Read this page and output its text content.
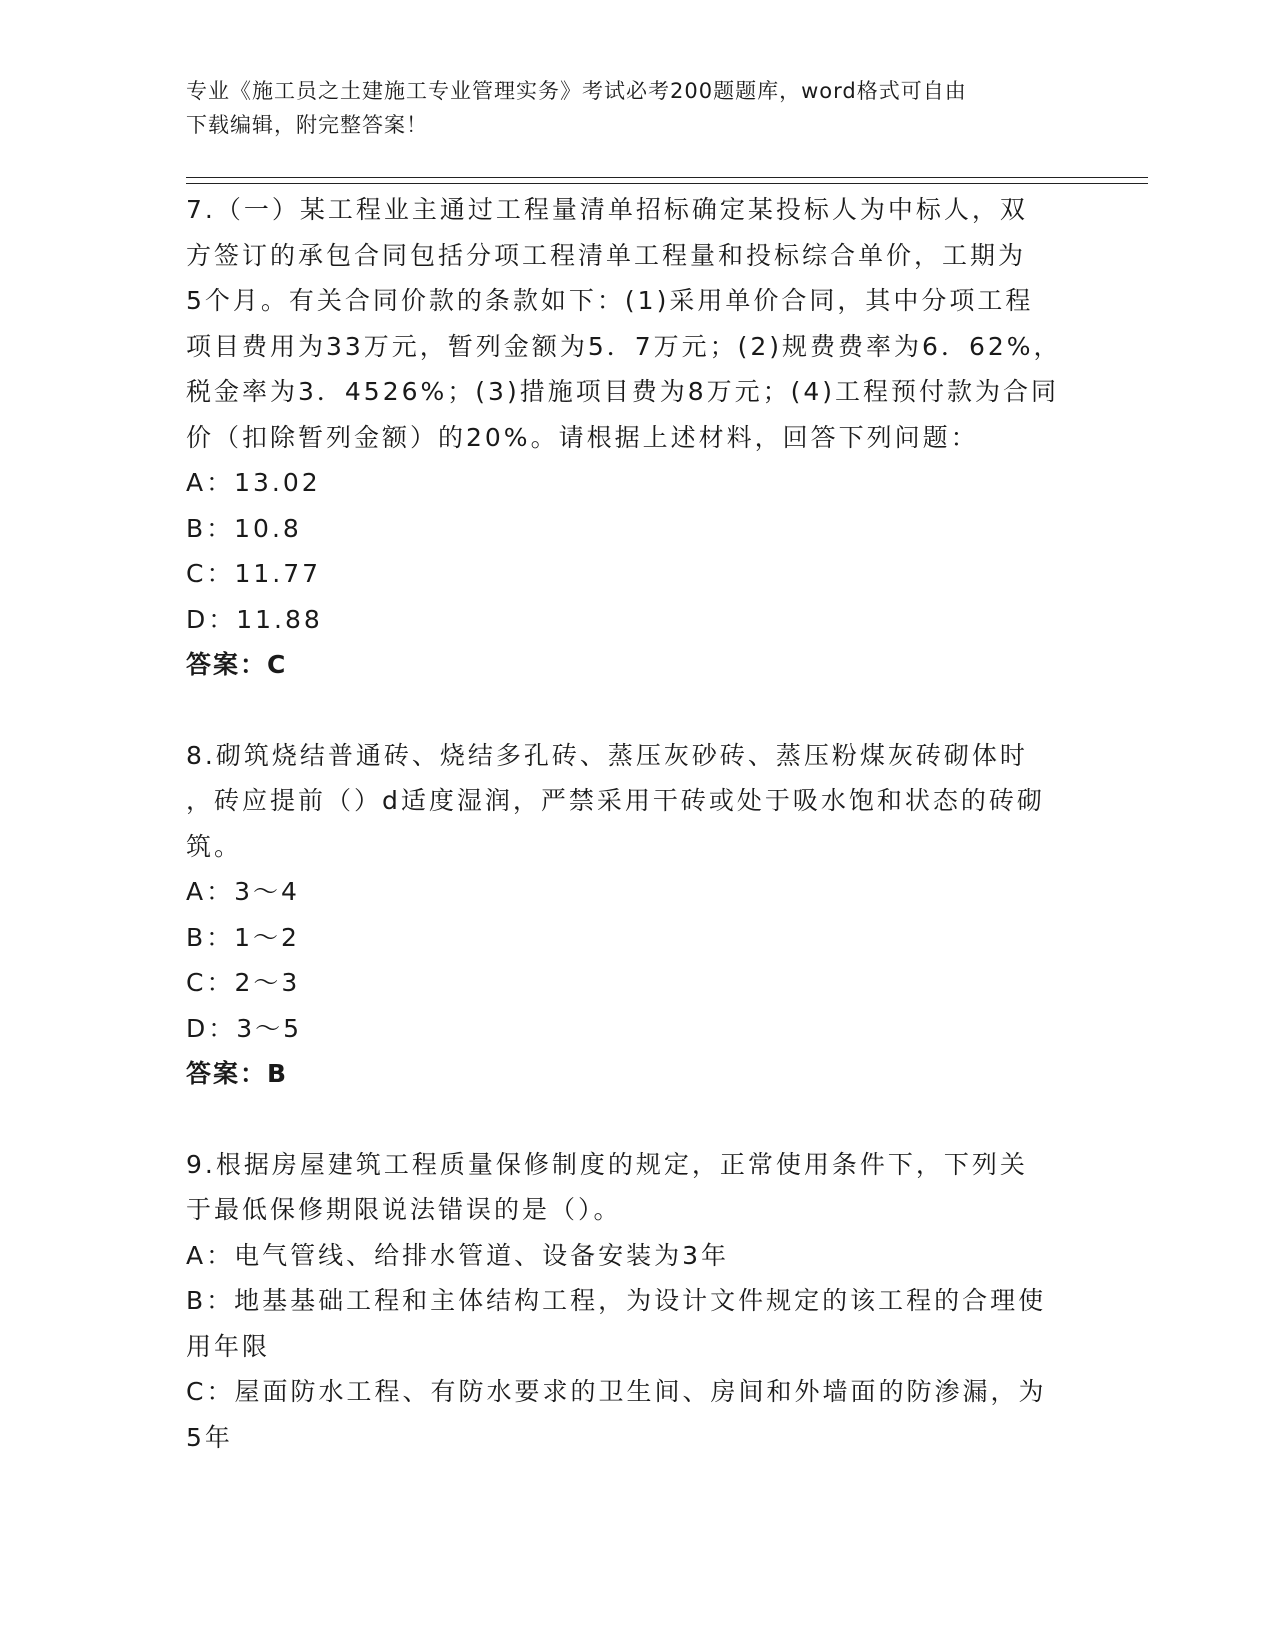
专业《施工员之土建施工专业管理实务》考试必考200题题库，word格式可自由
下载编辑，附完整答案！
7.（一）某工程业主通过工程量清单招标确定某投标人为中标人，双
方签订的承包合同包括分项工程清单工程量和投标综合单价，工期为
5个月。有关合同价款的条款如下：(1)采用单价合同，其中分项工程
项目费用为33万元，暂列金额为5．7万元；(2)规费费率为6．62%，
税金率为3．4526%；(3)措施项目费为8万元；(4)工程预付款为合同
价（扣除暂列金额）的20%。请根据上述材料，回答下列问题：
A：13.02
B：10.8
C：11.77
D：11.88
答案：C
8.砌筑烧结普通砖、烧结多孔砖、蒸压灰砂砖、蒸压粉煤灰砖砌体时
，砖应提前（）d适度湿润，严禁采用干砖或处于吸水饱和状态的砖砌
筑。
A：3～4
B：1～2
C：2～3
D：3～5
答案：B
9.根据房屋建筑工程质量保修制度的规定，正常使用条件下，下列关
于最低保修期限说法错误的是（）。
A：电气管线、给排水管道、设备安装为3年
B：地基基础工程和主体结构工程，为设计文件规定的该工程的合理使
用年限
C：屋面防水工程、有防水要求的卫生间、房间和外墙面的防渗漏，为
5年
